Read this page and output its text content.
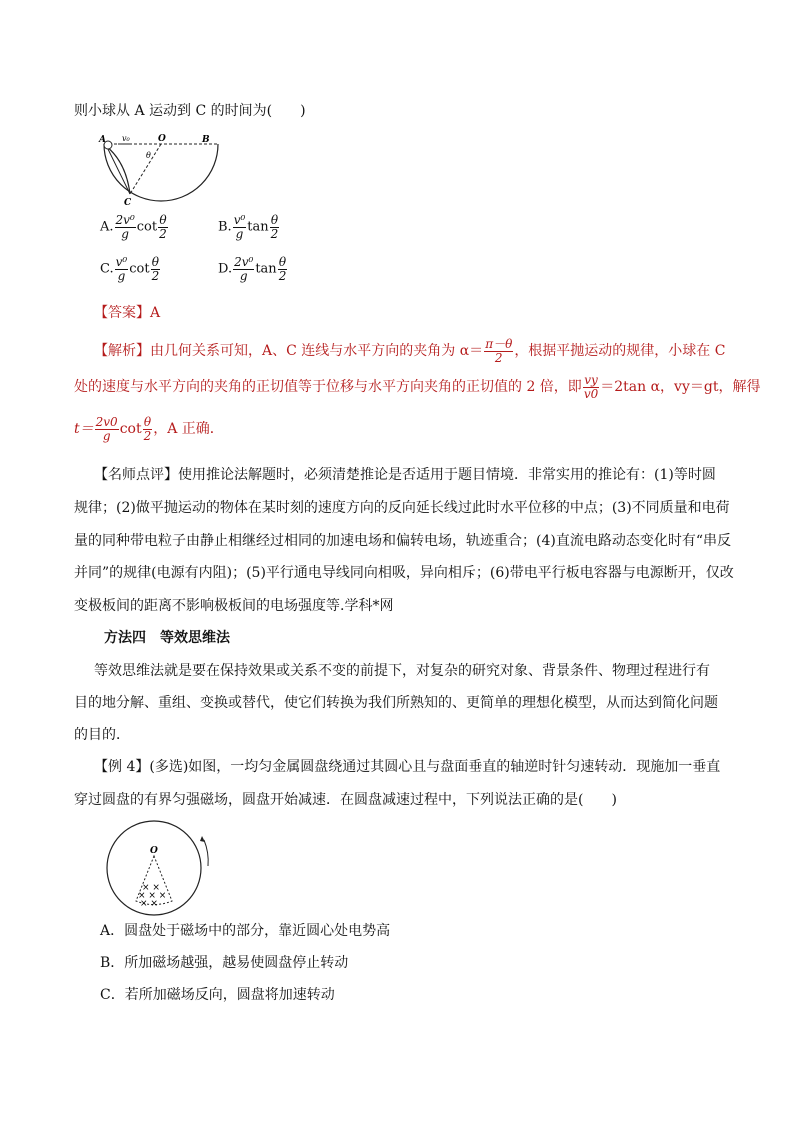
则小球从 A 运动到 C 的时间为(　　)
A v₀	O	B
θ
C
A. $\frac{\text{2v⁰}}{g}$ $\cot \frac{\theta}{2}$	B. $\frac{\text{v⁰}}{g}$ $\tan \frac{\theta}{2}$
C. $\frac{\text{v⁰}}{g}$ $\cot \frac{\theta}{2}$	D. $\frac{\text{2v⁰}}{g}$ $\tan \frac{\theta}{2}$
【答案】A
【解析】由几何关系可知，A、C 连线与水平方向的夹角为 $\alpha= \frac{\pi-\theta}{2}$ ，根据平抛运动的规律，小球在 C
处的速度与水平方向的夹角的正切值等于位移与水平方向夹角的正切值的 2 倍，即 $\frac{vy}{v0} =2\tan$ α，vy＝gt，解得
$t= \frac{2v0}{g}$ $\cot \frac{\theta}{2}$ ，A 正确．
【名师点评】使用推论法解题时，必须清楚推论是否适用于题目情境．非常实用的推论有：(1)等时圆
规律；(2)做平抛运动的物体在某时刻的速度方向的反向延长线过此时水平位移的中点；(3)不同质量和电荷
量的同种带电粒子由静止相继经过相同的加速电场和偏转电场，轨迹重合；(4)直流电路动态变化时有“串反
并同”的规律(电源有内阻)；(5)平行通电导线同向相吸，异向相斥；(6)带电平行板电容器与电源断开，仅改
变极板间的距离不影响极板间的电场强度等.学科*网
方法四　等效思维法
等效思维法就是要在保持效果或关系不变的前提下，对复杂的研究对象、背景条件、物理过程进行有
目的地分解、重组、变换或替代，使它们转换为我们所熟知的、更简单的理想化模型，从而达到简化问题
的目的．
【例 4】(多选)如图，一均匀金属圆盘绕通过其圆心且与盘面垂直的轴逆时针匀速转动．现施加一垂直
穿过圆盘的有界匀强磁场，圆盘开始减速．在圆盘减速过程中，下列说法正确的是(　　)
O
× ×
× × ×
× ×
A．圆盘处于磁场中的部分，靠近圆心处电势高
B．所加磁场越强，越易使圆盘停止转动
C．若所加磁场反向，圆盘将加速转动
